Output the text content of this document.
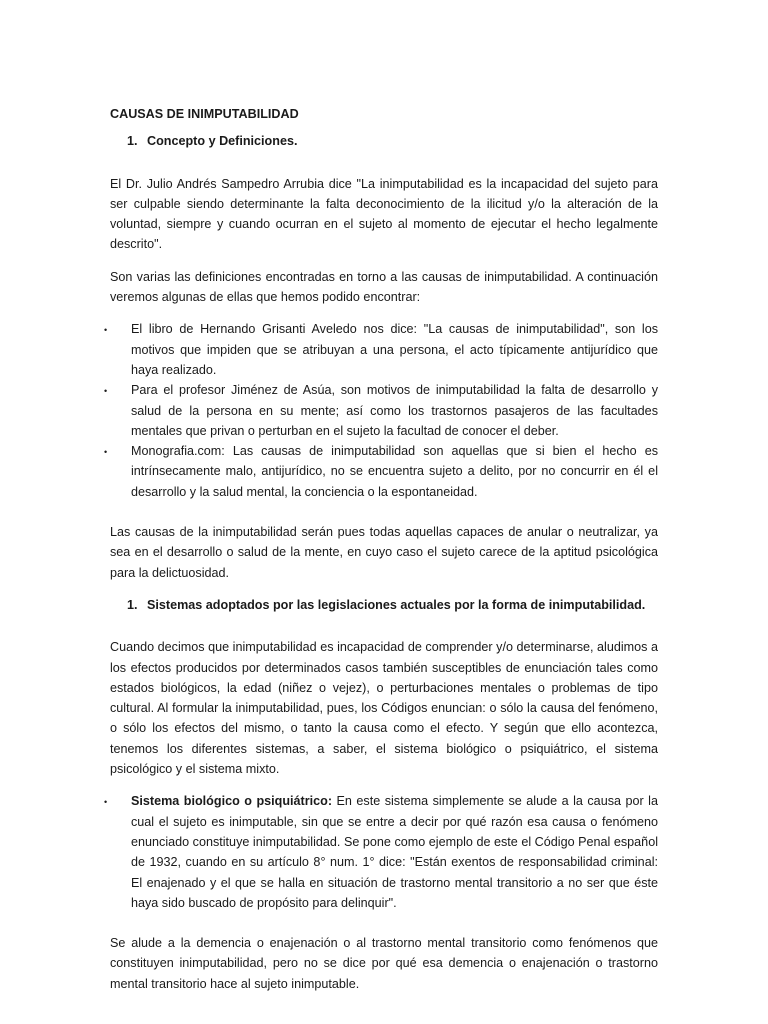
CAUSAS DE INIMPUTABILIDAD

1. Concepto y Definiciones.

El Dr. Julio Andrés Sampedro Arrubia dice "La inimputabilidad es la incapacidad del sujeto para ser culpable siendo determinante la falta deconocimiento de la ilicitud y/o la alteración de la voluntad, siempre y cuando ocurran en el sujeto al momento de ejecutar el hecho legalmente descrito".

Son varias las definiciones encontradas en torno a las causas de inimputabilidad. A continuación veremos algunas de ellas que hemos podido encontrar:

•	El libro de Hernando Grisanti Aveledo nos dice: "La causas de inimputabilidad", son los motivos que impiden que se atribuyan a una persona, el acto típicamente antijurídico que haya realizado.
•	Para el profesor Jiménez de Asúa, son motivos de inimputabilidad la falta de desarrollo y salud de la persona en su mente; así como los trastornos pasajeros de las facultades mentales que privan o perturban en el sujeto la facultad de conocer el deber.
•	Monografia.com: Las causas de inimputabilidad son aquellas que si bien el hecho es intrínsecamente malo, antijurídico, no se encuentra sujeto a delito, por no concurrir en él el desarrollo y la salud mental, la conciencia o la espontaneidad.

Las causas de la inimputabilidad serán pues todas aquellas capaces de anular o neutralizar, ya sea en el desarrollo o salud de la mente, en cuyo caso el sujeto carece de la aptitud psicológica para la delictuosidad.

1. Sistemas adoptados por las legislaciones actuales por la forma de inimputabilidad.

Cuando decimos que inimputabilidad es incapacidad de comprender y/o determinarse, aludimos a los efectos producidos por determinados casos también susceptibles de enunciación tales como estados biológicos, la edad (niñez o vejez), o perturbaciones mentales o problemas de tipo cultural. Al formular la inimputabilidad, pues, los Códigos enuncian: o sólo la causa del fenómeno, o sólo los efectos del mismo, o tanto la causa como el efecto. Y según que ello acontezca, tenemos los diferentes sistemas, a saber, el sistema biológico o psiquiátrico, el sistema psicológico y el sistema mixto.

•	Sistema biológico o psiquiátrico: En este sistema simplemente se alude a la causa por la cual el sujeto es inimputable, sin que se entre a decir por qué razón esa causa o fenómeno enunciado constituye inimputabilidad. Se pone como ejemplo de este el Código Penal español de 1932, cuando en su artículo 8° num. 1° dice: "Están exentos de responsabilidad criminal: El enajenado y el que se halla en situación de trastorno mental transitorio a no ser que éste haya sido buscado de propósito para delinquir".

Se alude a la demencia o enajenación o al trastorno mental transitorio como fenómenos que constituyen inimputabilidad, pero no se dice por qué esa demencia o enajenación o trastorno mental transitorio hace al sujeto inimputable.
